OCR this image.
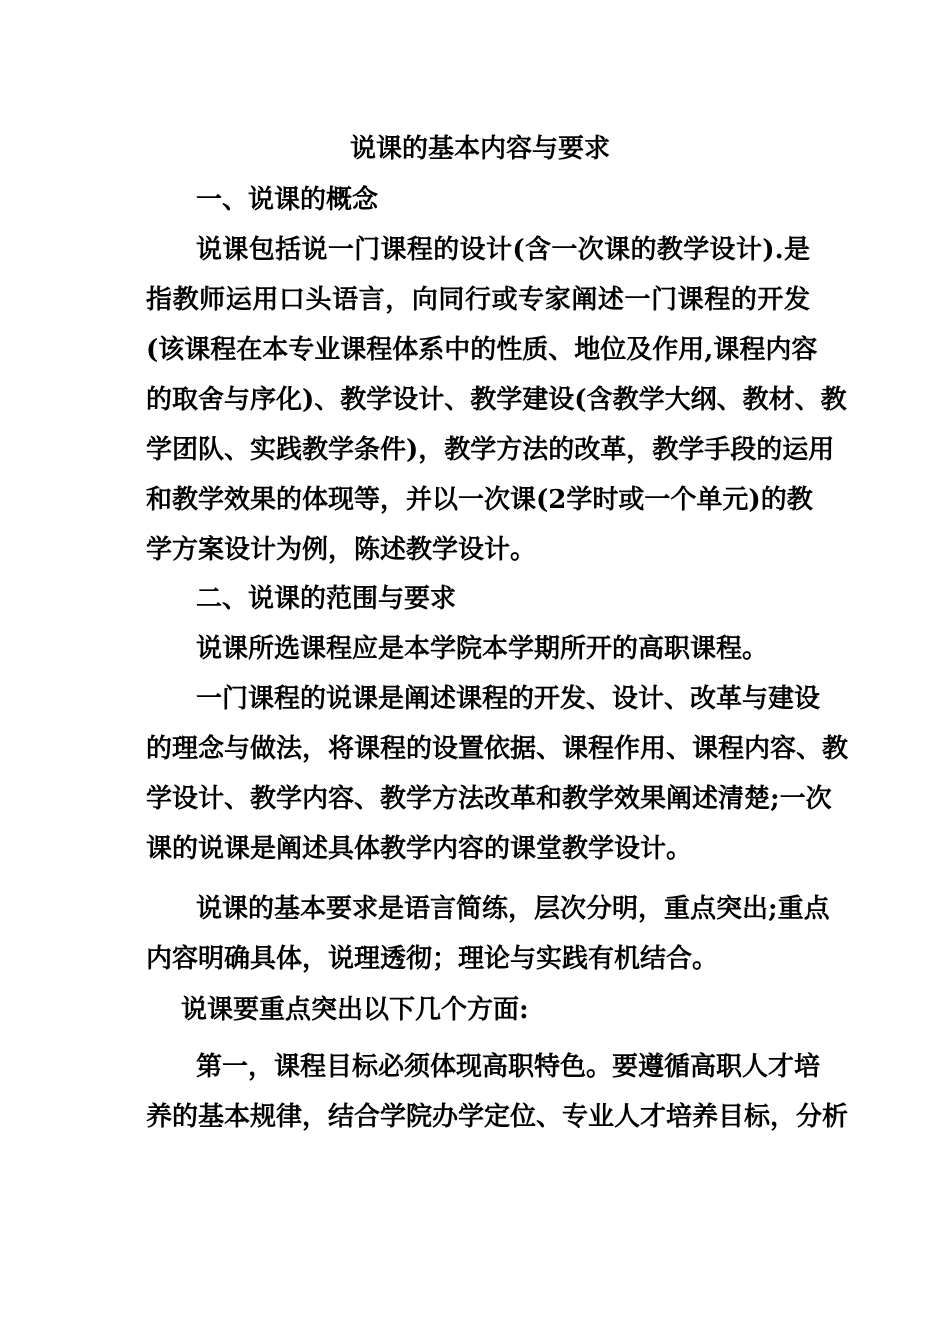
说课的基本内容与要求
一、说课的概念
说课包括说一门课程的设计(含一次课的教学设计).是
指教师运用口头语言，向同行或专家阐述一门课程的开发
(该课程在本专业课程体系中的性质、地位及作用,课程内容
的取舍与序化)、教学设计、教学建设(含教学大纲、教材、教
学团队、实践教学条件)，教学方法的改革，教学手段的运用
和教学效果的体现等，并以一次课(2学时或一个单元)的教
学方案设计为例，陈述教学设计。
二、说课的范围与要求
说课所选课程应是本学院本学期所开的高职课程。
一门课程的说课是阐述课程的开发、设计、改革与建设
的理念与做法，将课程的设置依据、课程作用、课程内容、教
学设计、教学内容、教学方法改革和教学效果阐述清楚;一次
课的说课是阐述具体教学内容的课堂教学设计。
说课的基本要求是语言简练，层次分明，重点突出;重点
内容明确具体，说理透彻；理论与实践有机结合。
说课要重点突出以下几个方面:
第一，课程目标必须体现高职特色。要遵循高职人才培
养的基本规律，结合学院办学定位、专业人才培养目标，分析
